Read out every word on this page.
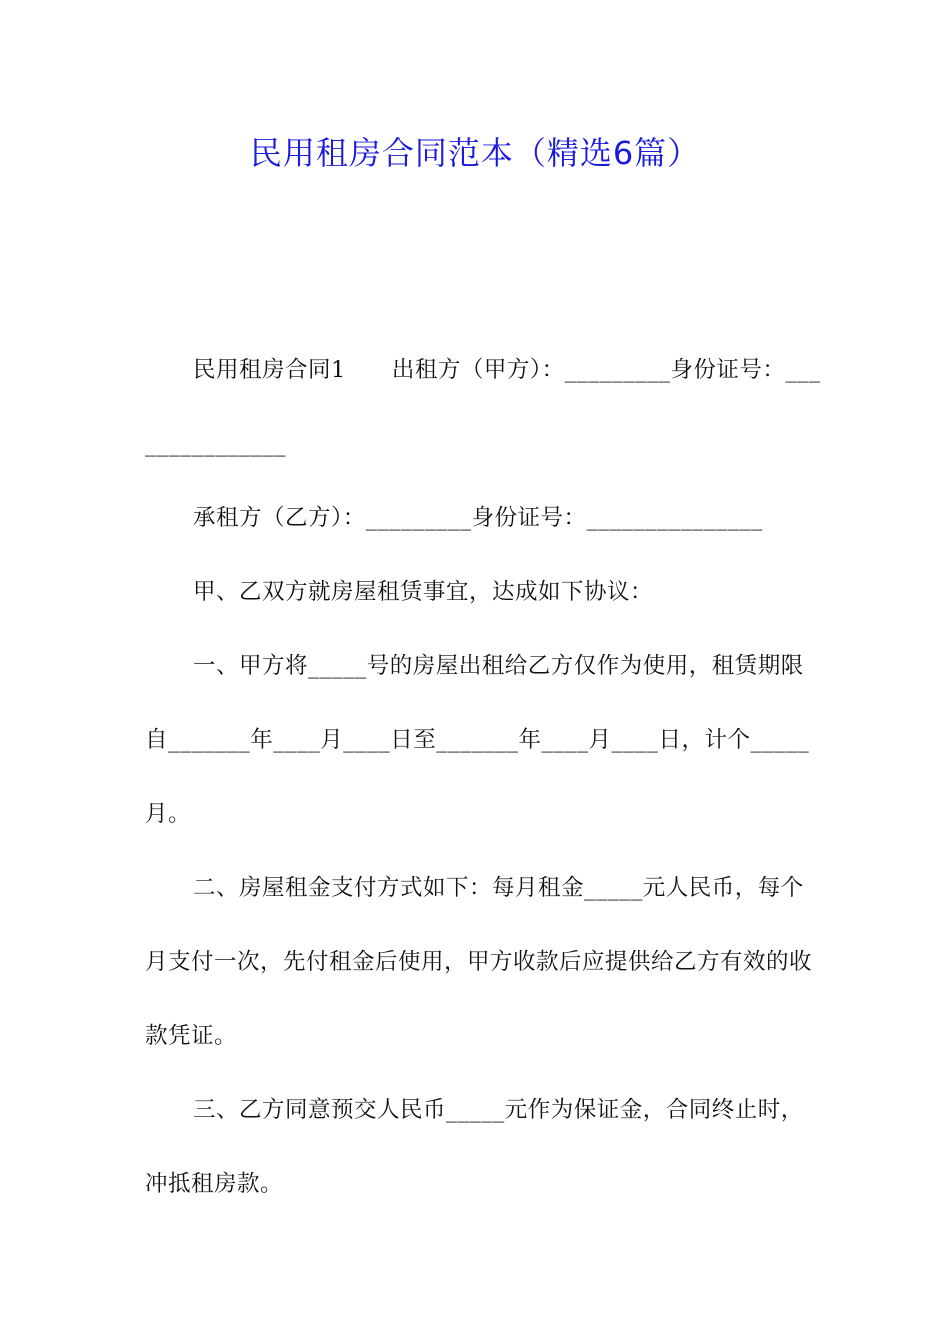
民用租房合同范本（精选6篇）

民用租房合同1　　出租方（甲方）：_________身份证号：_______________

承租方（乙方）：_________身份证号：_______________

甲、乙双方就房屋租赁事宜，达成如下协议：

一、甲方将_____号的房屋出租给乙方仅作为使用，租赁期限自_______年____月____日至_______年____月____日，计个_____月。

二、房屋租金支付方式如下：每月租金_____元人民币，每个月支付一次，先付租金后使用，甲方收款后应提供给乙方有效的收款凭证。

三、乙方同意预交人民币_____元作为保证金，合同终止时，冲抵租房款。
